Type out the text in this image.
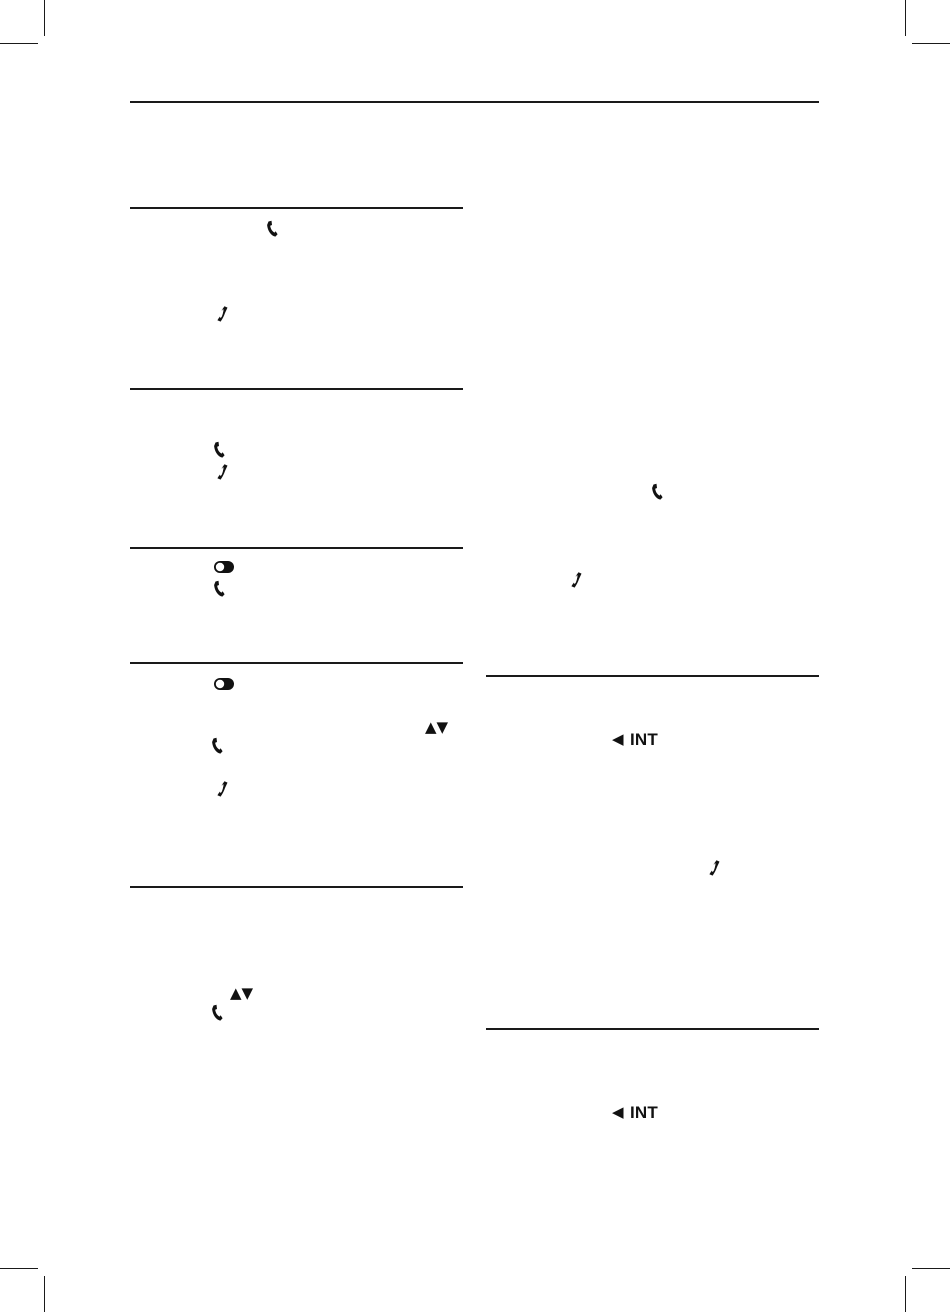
▲▼
▲▼
◀ INT
◀ INT
